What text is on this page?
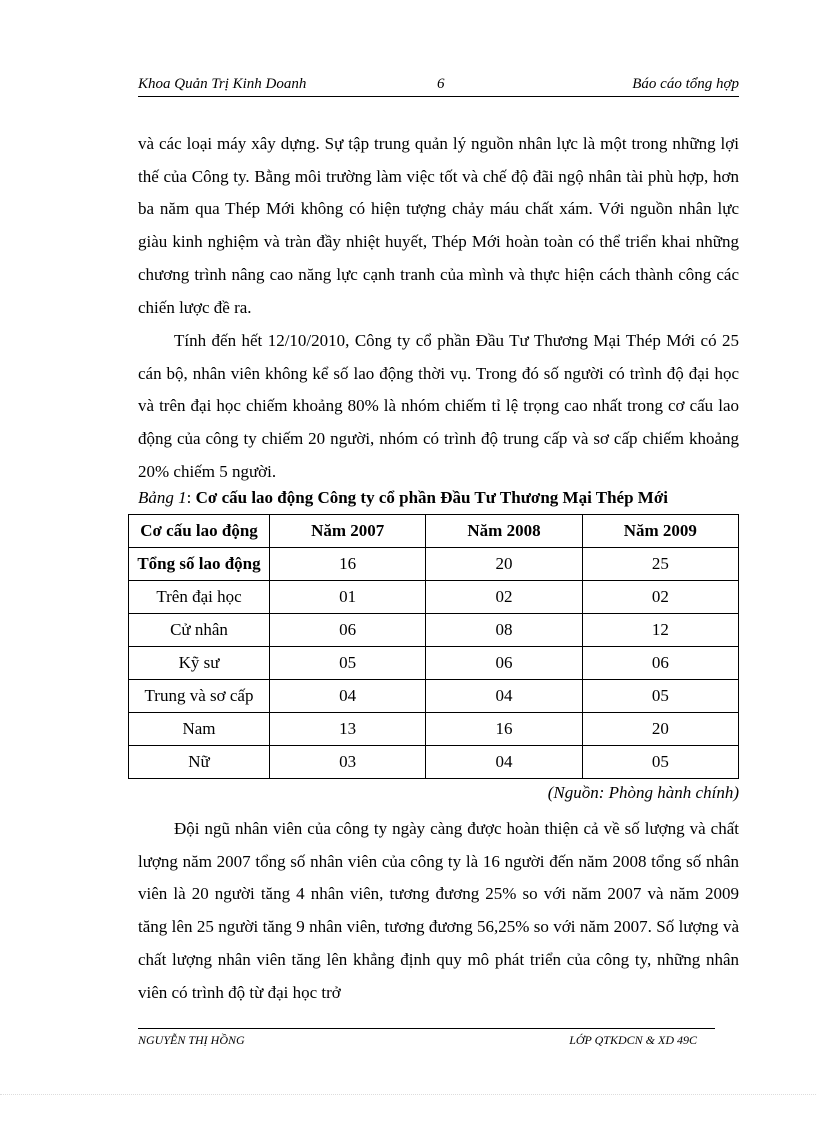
Khoa Quản Trị Kinh Doanh	6	Báo cáo tổng hợp

và các loại máy xây dựng. Sự tập trung quản lý nguồn nhân lực là một trong những lợi thế của Công ty. Bằng môi trường làm việc tốt và chế độ đãi ngộ nhân tài phù hợp, hơn ba năm qua Thép Mới không có hiện tượng chảy máu chất xám. Với nguồn nhân lực giàu kinh nghiệm và tràn đầy nhiệt huyết, Thép Mới hoàn toàn có thể triển khai những chương trình nâng cao năng lực cạnh tranh của mình và thực hiện cách thành công các chiến lược đề ra.

Tính đến hết 12/10/2010, Công ty cổ phần Đầu Tư Thương Mại Thép Mới có 25 cán bộ, nhân viên không kể số lao động thời vụ. Trong đó số người có trình độ đại học và trên đại học chiếm khoảng 80% là nhóm chiếm tỉ lệ trọng cao nhất trong cơ cấu lao động của công ty chiếm 20 người, nhóm có trình độ trung cấp và sơ cấp chiếm khoảng 20% chiếm 5 người.

Bảng 1: Cơ cấu lao động Công ty cổ phần Đầu Tư Thương Mại Thép Mới
Cơ cấu lao động	Năm 2007	Năm 2008	Năm 2009
Tổng số lao động	16	20	25
Trên đại học	01	02	02
Cử nhân	06	08	12
Kỹ sư	05	06	06
Trung và sơ cấp	04	04	05
Nam	13	16	20
Nữ	03	04	05
(Nguồn: Phòng hành chính)

Đội ngũ nhân viên của công ty ngày càng được hoàn thiện cả về số lượng và chất lượng năm 2007 tổng số nhân viên của công ty là 16 người đến năm 2008 tổng số nhân viên là 20 người tăng 4 nhân viên, tương đương 25% so với năm 2007 và năm 2009 tăng lên 25 người tăng 9 nhân viên, tương đương 56,25% so với năm 2007. Số lượng và chất lượng nhân viên tăng lên khẳng định quy mô phát triển của công ty, những nhân viên có trình độ từ đại học trở

NGUYỄN THỊ HỒNG	LỚP QTKDCN & XD 49C
